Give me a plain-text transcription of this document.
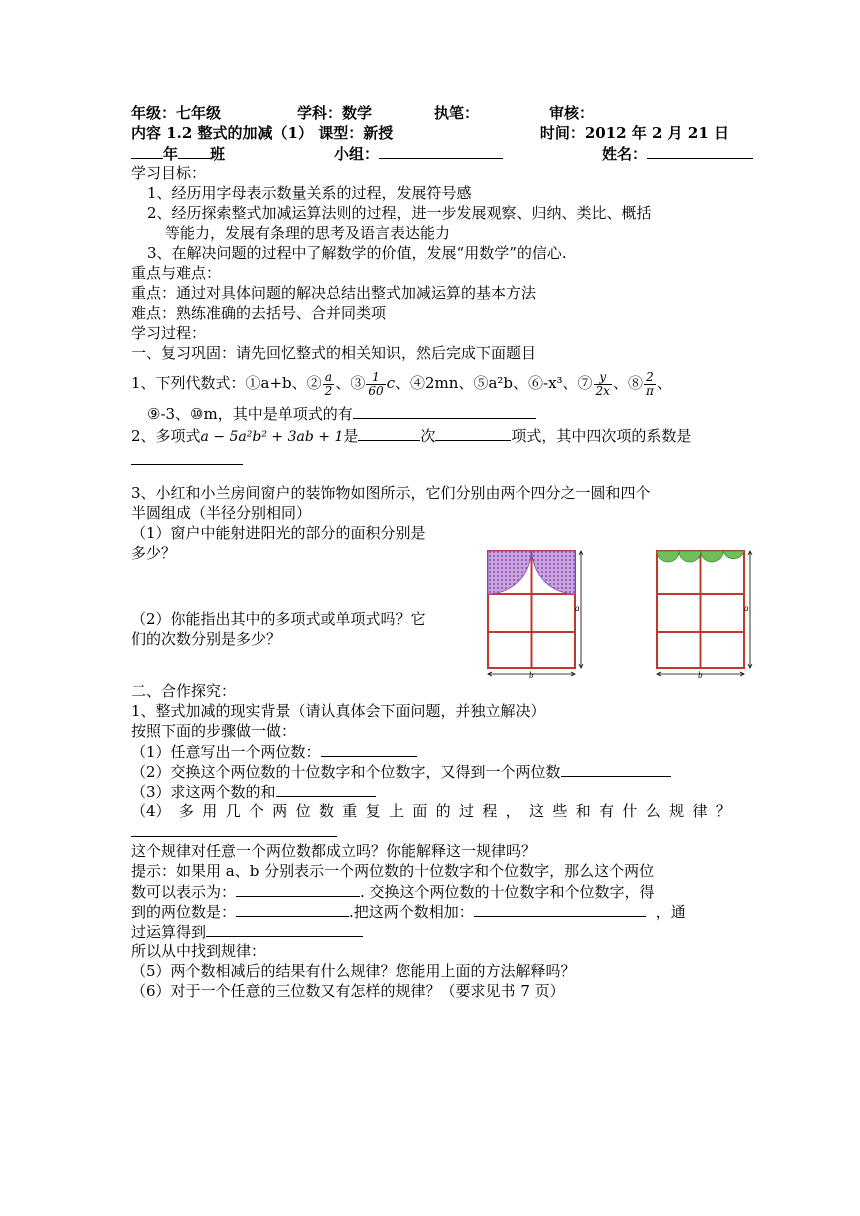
年级：七年级	学科：数学	执笔：	审核：
内容 1.2 整式的加减（1） 课型：新授	时间：2012 年 2 月 21 日
年 班	小组：	姓名：
学习目标：
1、经历用字母表示数量关系的过程，发展符号感
2、经历探索整式加减运算法则的过程，进一步发展观察、归纳、类比、概括
等能力，发展有条理的思考及语言表达能力
3、在解决问题的过程中了解数学的价值，发展“用数学”的信心.
重点与难点：
重点：通过对具体问题的解决总结出整式加减运算的基本方法
难点：熟练准确的去括号、合并同类项
学习过程：
一、复习巩固：请先回忆整式的相关知识，然后完成下面题目
1、下列代数式：①a+b、② $\frac{a}{2}$ 、③ $\frac{1}{60}$ c、④2mn、⑤a²b、⑥-x³、⑦ $\frac{y}{2x}$ 、⑧ $\frac{2}{\pi}$ 、
⑨-3、⑩m，其中是单项式的有
2、多项式a − 5a²b² + 3ab + 1是	次	项式，其中四次项的系数是
3、小红和小兰房间窗户的装饰物如图所示，它们分别由两个四分之一圆和四个
半圆组成（半径分别相同）
（1）窗户中能射进阳光的部分的面积分别是
多少？
（2）你能指出其中的多项式或单项式吗？它
们的次数分别是多少？
二、合作探究：
1、整式加减的现实背景（请认真体会下面问题，并独立解决）
按照下面的步骤做一做：
（1）任意写出一个两位数：
（2）交换这个两位数的十位数字和个位数字，又得到一个两位数
（3）求这两个数的和
（4） 多 用 几 个 两 位 数 重 复 上 面 的 过 程 ， 这 些 和 有 什 么 规 律 ？
这个规律对任意一个两位数都成立吗？你能解释这一规律吗？
提示：如果用 a、b 分别表示一个两位数的十位数字和个位数字，那么这个两位
数可以表示为：	. 交换这个两位数的十位数字和个位数字，得
到的两位数是：	.把这两个数相加：	，通
过运算得到
所以从中找到规律：
（5）两个数相减后的结果有什么规律？您能用上面的方法解释吗？
（6）对于一个任意的三位数又有怎样的规律？（要求见书 7 页）
a
b
a
b
